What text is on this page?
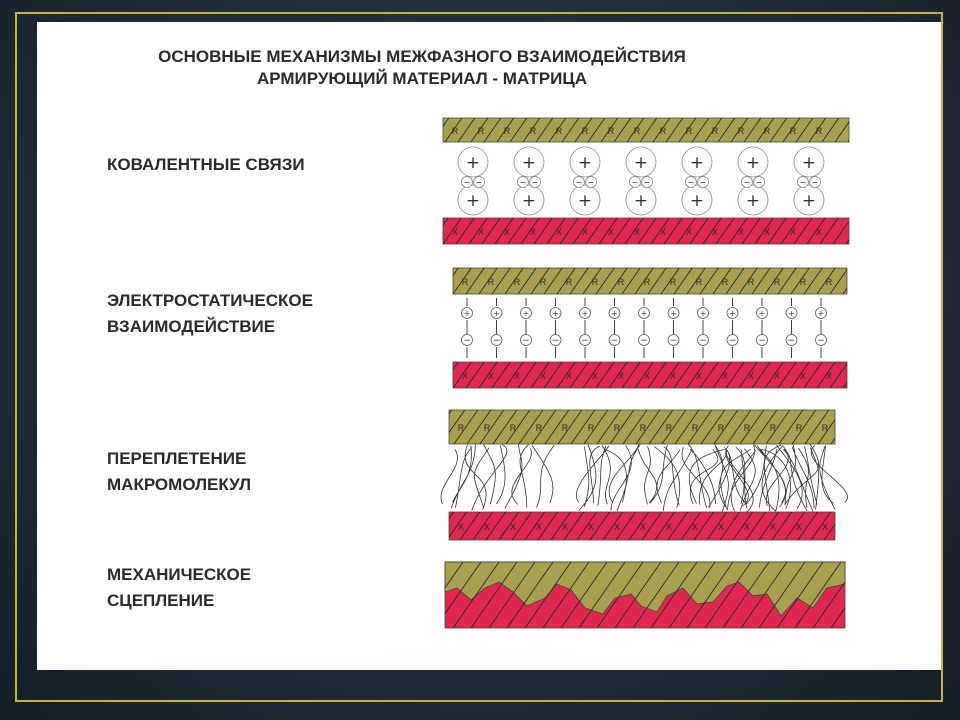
ОСНОВНЫЕ МЕХАНИЗМЫ МЕЖФАЗНОГО ВЗАИМОДЕЙСТВИЯ
АРМИРУЮЩИЙ МАТЕРИАЛ - МАТРИЦА
КОВАЛЕНТНЫЕ СВЯЗИ
ЭЛЕКТРОСТАТИЧЕСКОЕ
ВЗАИМОДЕЙСТВИЕ
ПЕРЕПЛЕТЕНИЕ
МАКРОМОЛЕКУЛ
МЕХАНИЧЕСКОЕ
СЦЕПЛЕНИЕ
R R R R R R R R R R R R R R R
X X X X X X X X X X X X X X X
+
+
− −
+
+
− −
+
+
− −
+
+
− −
+
+
− −
+
+
− −
+
+
− −
R R R R R R R R R R R R R R R
X X X X X X X X X X X X X X X
+
−
+
−
+
−
+
−
+
−
+
−
+
−
+
−
+
−
+
−
+
−
+
−
+
−
R R R R R R R R R R R R R R R
X X X X X X X X X X X X X X X
